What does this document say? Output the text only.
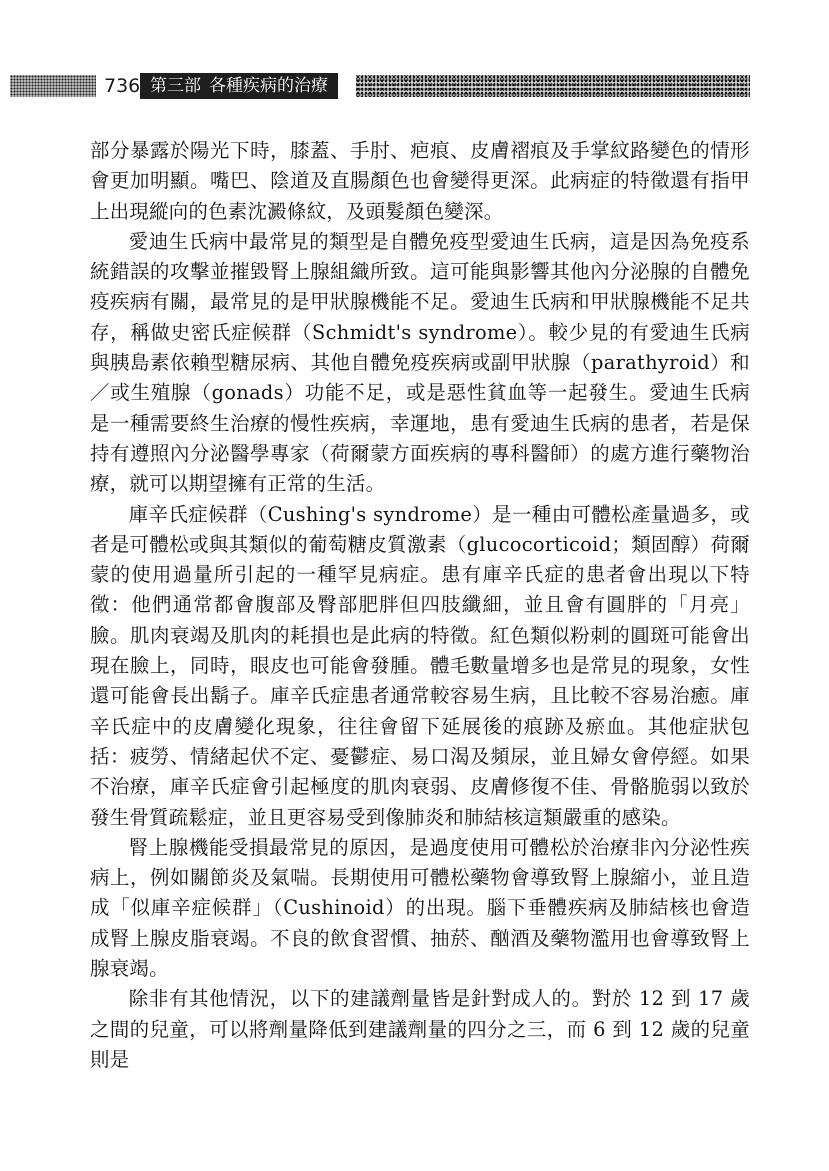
736 第三部 各種疾病的治療

部分暴露於陽光下時，膝蓋、手肘、疤痕、皮膚褶痕及手掌紋路變色的情形會更加明顯。嘴巴、陰道及直腸顏色也會變得更深。此病症的特徵還有指甲上出現縱向的色素沈澱條紋，及頭髮顏色變深。

愛迪生氏病中最常見的類型是自體免疫型愛迪生氏病，這是因為免疫系統錯誤的攻擊並摧毀腎上腺組織所致。這可能與影響其他內分泌腺的自體免疫疾病有關，最常見的是甲狀腺機能不足。愛迪生氏病和甲狀腺機能不足共存，稱做史密氏症候群（Schmidt's syndrome）。較少見的有愛迪生氏病與胰島素依賴型糖尿病、其他自體免疫疾病或副甲狀腺（parathyroid）和／或生殖腺（gonads）功能不足，或是惡性貧血等一起發生。愛迪生氏病是一種需要終生治療的慢性疾病，幸運地，患有愛迪生氏病的患者，若是保持有遵照內分泌醫學專家（荷爾蒙方面疾病的專科醫師）的處方進行藥物治療，就可以期望擁有正常的生活。

庫辛氏症候群（Cushing's syndrome）是一種由可體松產量過多，或者是可體松或與其類似的葡萄糖皮質激素（glucocorticoid；類固醇）荷爾蒙的使用過量所引起的一種罕見病症。患有庫辛氏症的患者會出現以下特徵：他們通常都會腹部及臀部肥胖但四肢纖細，並且會有圓胖的「月亮」臉。肌肉衰竭及肌肉的耗損也是此病的特徵。紅色類似粉刺的圓斑可能會出現在臉上，同時，眼皮也可能會發腫。體毛數量增多也是常見的現象，女性還可能會長出鬍子。庫辛氏症患者通常較容易生病，且比較不容易治癒。庫辛氏症中的皮膚變化現象，往往會留下延展後的痕跡及瘀血。其他症狀包括：疲勞、情緒起伏不定、憂鬱症、易口渴及頻尿，並且婦女會停經。如果不治療，庫辛氏症會引起極度的肌肉衰弱、皮膚修復不佳、骨骼脆弱以致於發生骨質疏鬆症，並且更容易受到像肺炎和肺結核這類嚴重的感染。

腎上腺機能受損最常見的原因，是過度使用可體松於治療非內分泌性疾病上，例如關節炎及氣喘。長期使用可體松藥物會導致腎上腺縮小，並且造成「似庫辛症候群」（Cushinoid）的出現。腦下垂體疾病及肺結核也會造成腎上腺皮脂衰竭。不良的飲食習慣、抽菸、酗酒及藥物濫用也會導致腎上腺衰竭。

除非有其他情況，以下的建議劑量皆是針對成人的。對於 12 到 17 歲之間的兒童，可以將劑量降低到建議劑量的四分之三，而 6 到 12 歲的兒童則是
